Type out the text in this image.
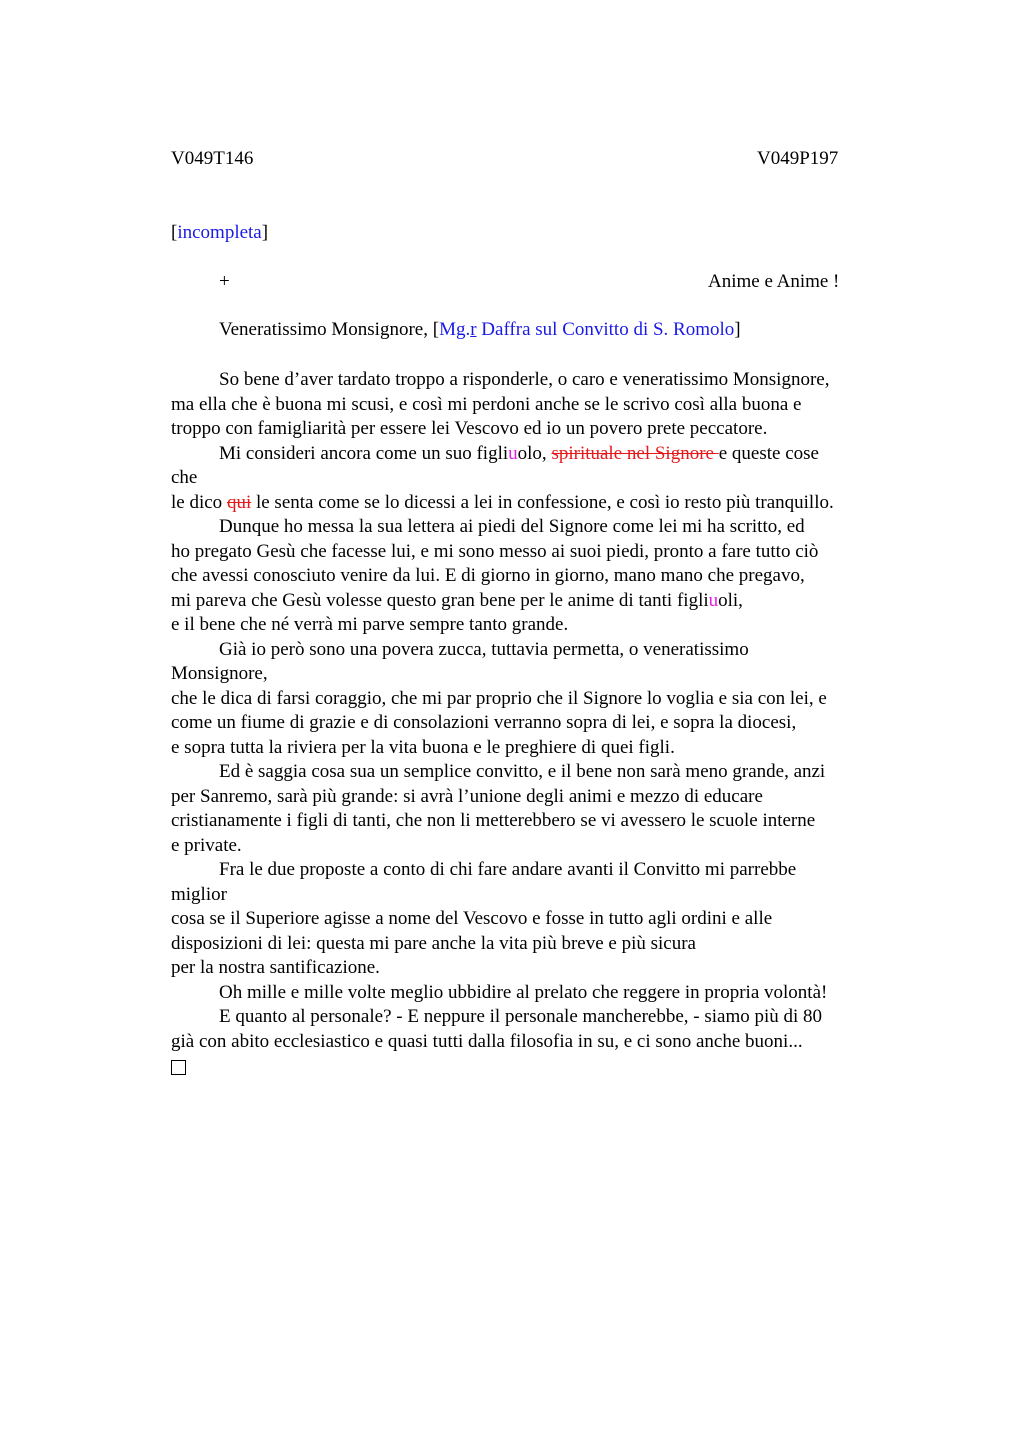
V049T146	V049P197
[incompleta]
+	Anime e Anime !
Veneratissimo Monsignore, [Mg.r Daffra sul Convitto di S. Romolo]
So bene d’aver tardato troppo a risponderle, o caro e veneratissimo Monsignore,
ma ella che è buona mi scusi, e così mi perdoni anche se le scrivo così alla buona e
troppo con famigliarità per essere lei Vescovo ed io un povero prete peccatore.
Mi consideri ancora come un suo figliuolo, spirituale nel Signore e queste cose
che
le dico qui le senta come se lo dicessi a lei in confessione, e così io resto più tranquillo.
Dunque ho messa la sua lettera ai piedi del Signore come lei mi ha scritto, ed
ho pregato Gesù che facesse lui, e mi sono messo ai suoi piedi, pronto a fare tutto ciò
che avessi conosciuto venire da lui. E di giorno in giorno, mano mano che pregavo,
mi pareva che Gesù volesse questo gran bene per le anime di tanti figliuoli,
e il bene che né verrà mi parve sempre tanto grande.
Già io però sono una povera zucca, tuttavia permetta, o veneratissimo
Monsignore,
che le dica di farsi coraggio, che mi par proprio che il Signore lo voglia e sia con lei, e
come un fiume di grazie e di consolazioni verranno sopra di lei, e sopra la diocesi,
e sopra tutta la riviera per la vita buona e le preghiere di quei figli.
Ed è saggia cosa sua un semplice convitto, e il bene non sarà meno grande, anzi
per Sanremo, sarà più grande: si avrà l’unione degli animi e mezzo di educare
cristianamente i figli di tanti, che non li metterebbero se vi avessero le scuole interne
e private.
Fra le due proposte a conto di chi fare andare avanti il Convitto mi parrebbe
miglior
cosa se il Superiore agisse a nome del Vescovo e fosse in tutto agli ordini e alle
disposizioni di lei: questa mi pare anche la vita più breve e più sicura
per la nostra santificazione.
Oh mille e mille volte meglio ubbidire al prelato che reggere in propria volontà!
E quanto al personale? - E neppure il personale mancherebbe, - siamo più di 80
già con abito ecclesiastico e quasi tutti dalla filosofia in su, e ci sono anche buoni...
